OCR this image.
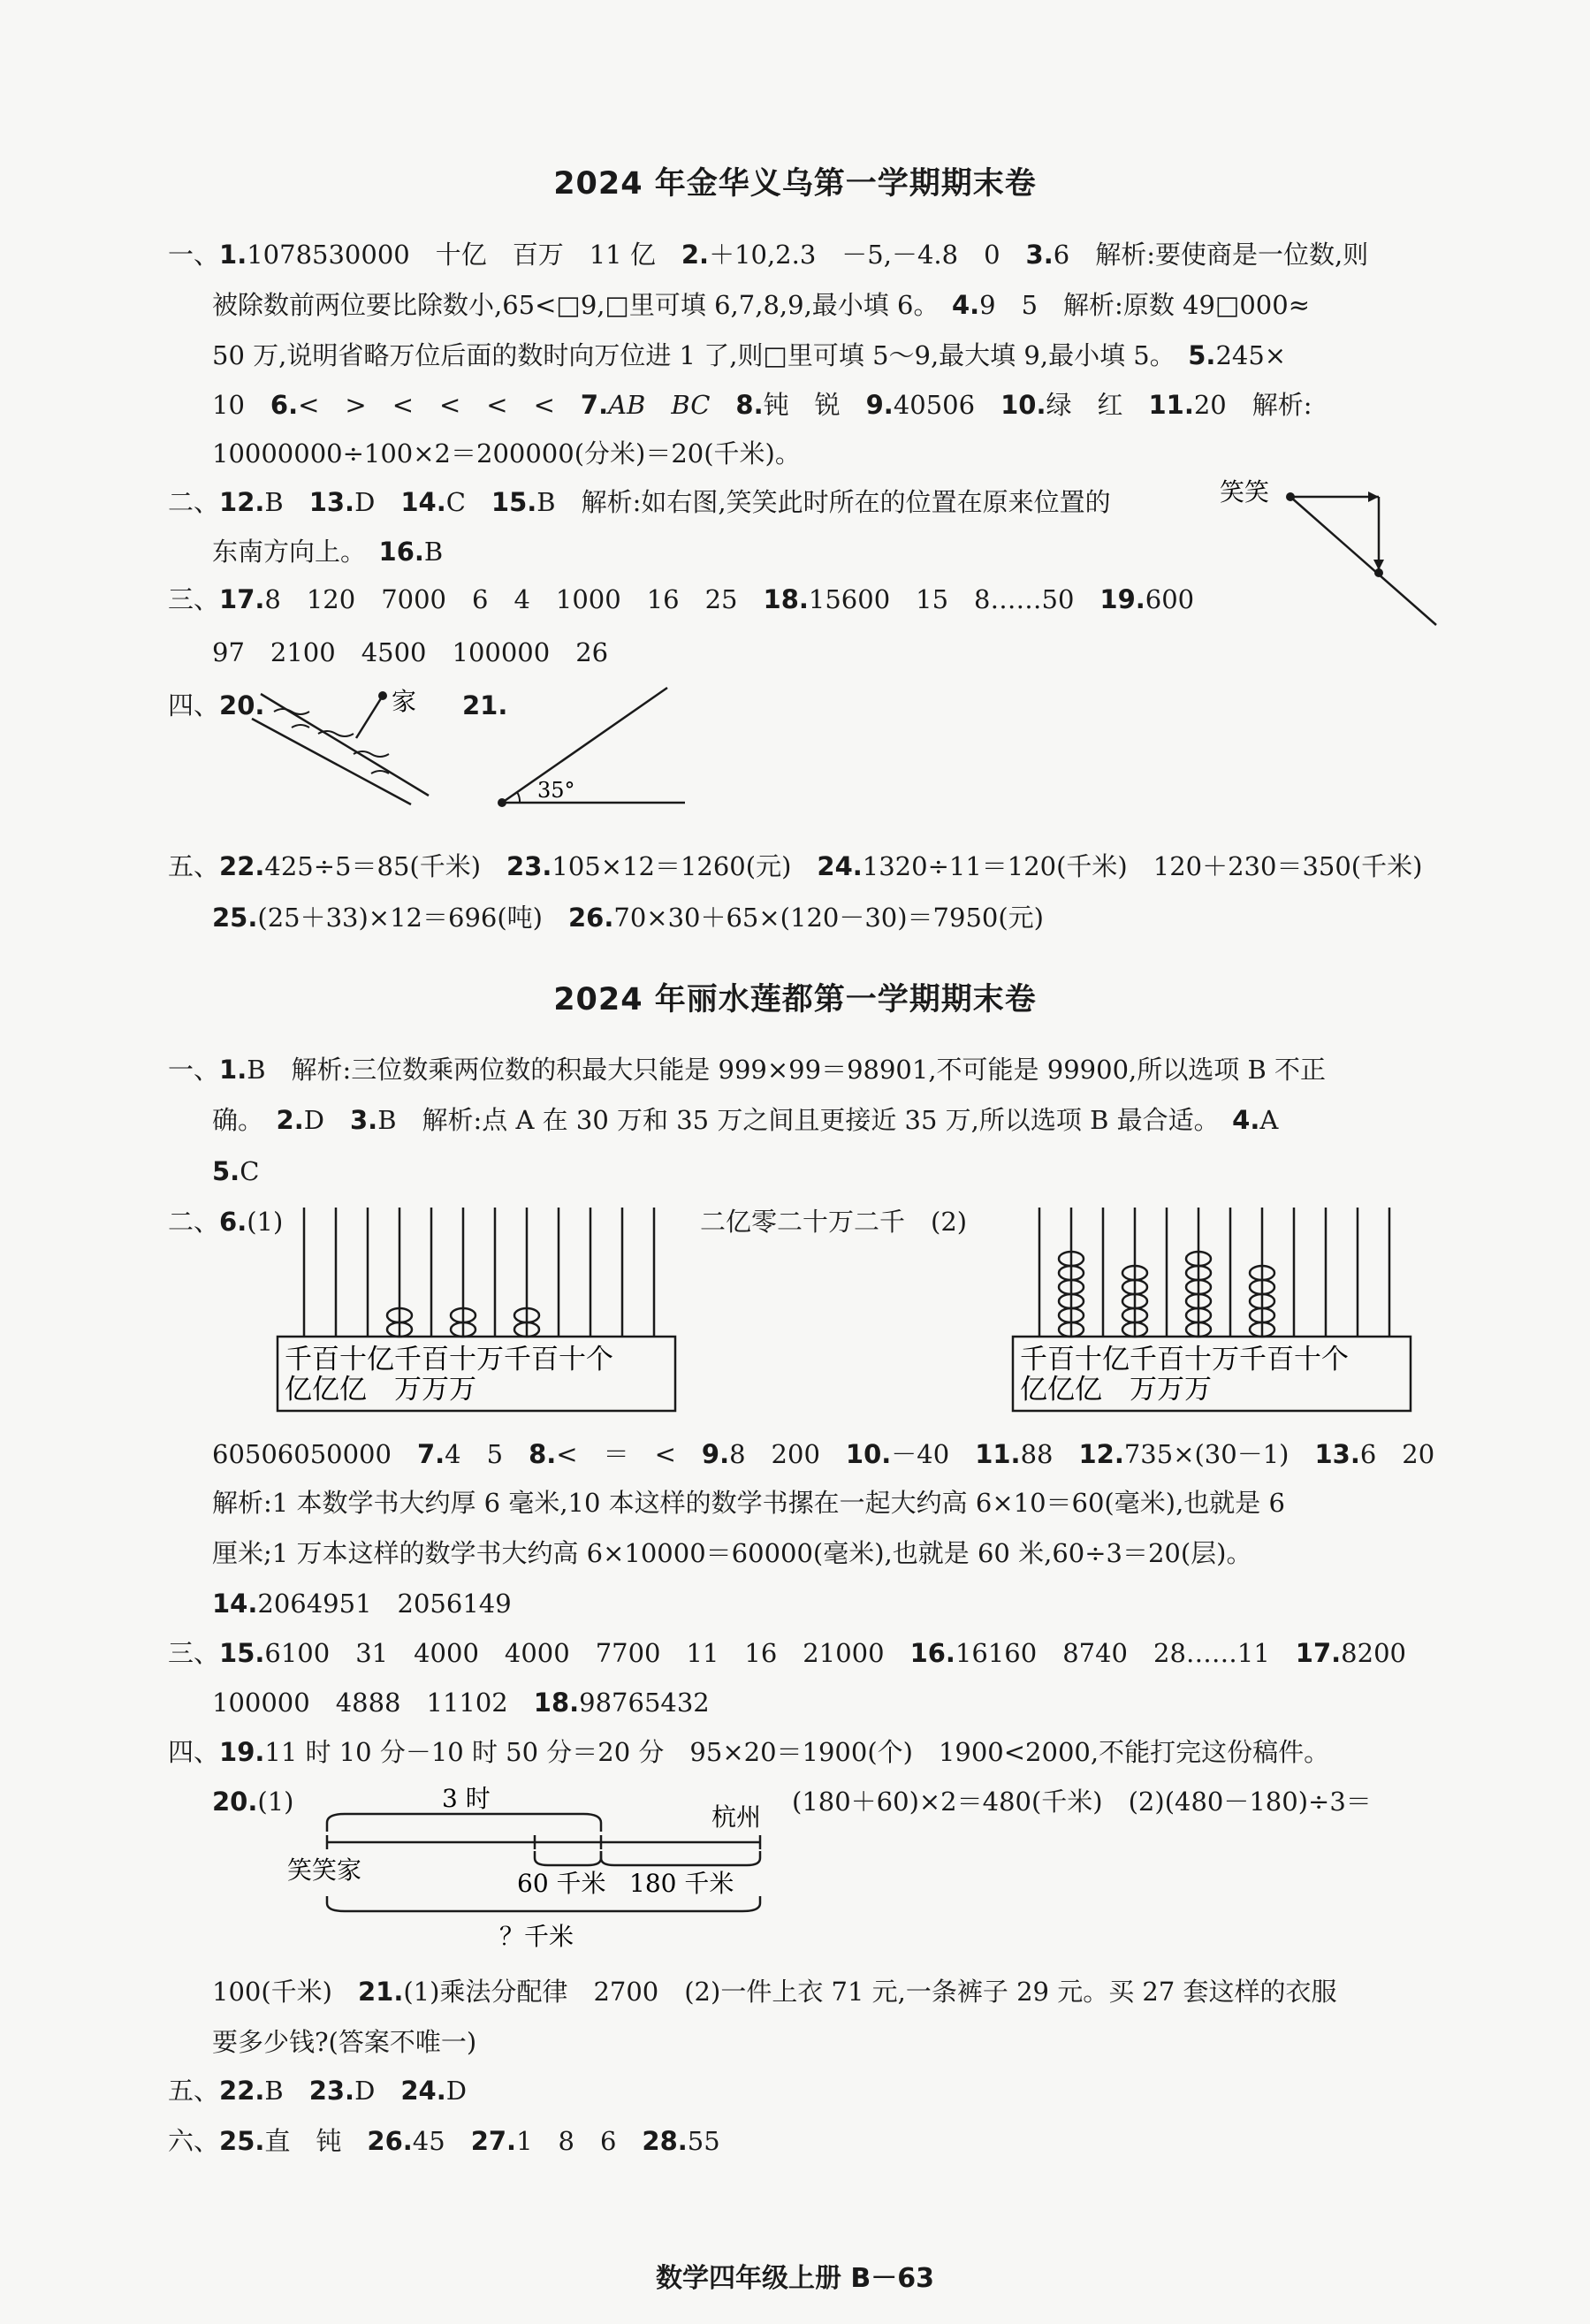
2024 年金华义乌第一学期期末卷
一、1.1078530000　十亿　百万　11 亿　2.＋10,2.3　－5,－4.8　0　3.6　解析:要使商是一位数,则
被除数前两位要比除数小,65<□9,□里可填 6,7,8,9,最小填 6。　4.9　5　解析:原数 49□000≈
50 万,说明省略万位后面的数时向万位进 1 了,则□里可填 5～9,最大填 9,最小填 5。　5.245×
10　6.<　>　<　<　<　<　7.AB　BC　8.钝　锐　9.40506　10.绿　红　11.20　解析:
10000000÷100×2＝200000(分米)＝20(千米)。
二、12.B　13.D　14.C　15.B　解析:如右图,笑笑此时所在的位置在原来位置的
东南方向上。　16.B
笑笑
三、17.8　120　7000　6　4　1000　16　25　18.15600　15　8……50　19.600
97　2100　4500　100000　26
四、20.	21.
家
35°
五、22.425÷5＝85(千米)　23.105×12＝1260(元)　24.1320÷11＝120(千米)　120＋230＝350(千米)
25.(25＋33)×12＝696(吨)　26.70×30＋65×(120－30)＝7950(元)
2024 年丽水莲都第一学期期末卷
一、1.B　解析:三位数乘两位数的积最大只能是 999×99＝98901,不可能是 99900,所以选项 B 不正
确。　2.D　3.B　解析:点 A 在 30 万和 35 万之间且更接近 35 万,所以选项 B 最合适。　4.A
5.C
二、6.(1)	二亿零二十万二千　(2)
千百十亿千百十万千百十个
亿亿亿　万万万
千百十亿千百十万千百十个
亿亿亿　万万万
60506050000　7.4　5　8.<　＝　<　9.8　200　10.－40　11.88　12.735×(30－1)　13.6　20
解析:1 本数学书大约厚 6 毫米,10 本这样的数学书摞在一起大约高 6×10＝60(毫米),也就是 6
厘米;1 万本这样的数学书大约高 6×10000＝60000(毫米),也就是 60 米,60÷3＝20(层)。
14.2064951　2056149
三、15.6100　31　4000　4000　7700　11　16　21000　16.16160　8740　28……11　17.8200
100000　4888　11102　18.98765432
四、19.11 时 10 分－10 时 50 分＝20 分　95×20＝1900(个)　1900<2000,不能打完这份稿件。
20.(1)	(180＋60)×2＝480(千米)　(2)(480－180)÷3＝
3 时
杭州
笑笑家	60 千米 180 千米
？千米
100(千米)　21.(1)乘法分配律　2700　(2)一件上衣 71 元,一条裤子 29 元。买 27 套这样的衣服
要多少钱?(答案不唯一)
五、22.B　23.D　24.D
六、25.直　钝　26.45　27.1　8　6　28.55
数学四年级上册 B－63
